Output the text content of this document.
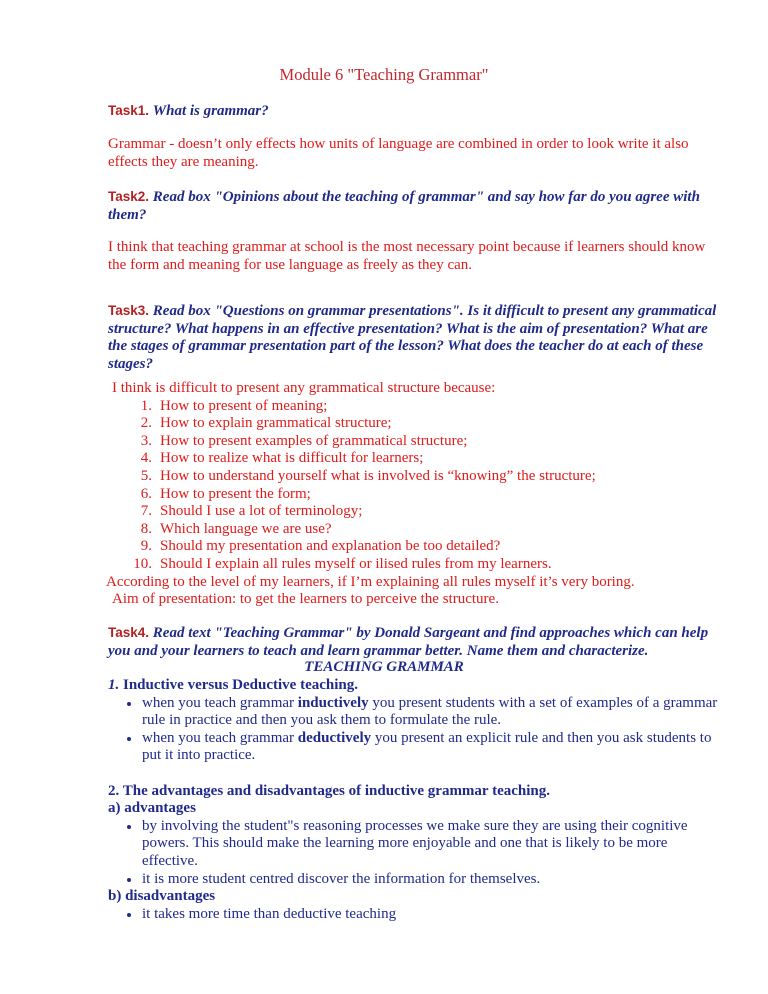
Module 6 "Teaching Grammar"
Task1. What is grammar?
Grammar - doesn’t only effects how units of language are combined in order to look write it also effects they are meaning.
Task2. Read box "Opinions about the teaching of grammar" and say how far do you agree with them?
I think that teaching grammar at school is the most necessary point because if learners should know the form and meaning for use language as freely as they can.
Task3. Read box "Questions on grammar presentations". Is it difficult to present any grammatical structure? What happens in an effective presentation? What is the aim of presentation? What are the stages of grammar presentation part of the lesson? What does the teacher do at each of these stages?
I think is difficult to present any grammatical structure because:
1. How to present of meaning;
2. How to explain grammatical structure;
3. How to present examples of grammatical structure;
4. How to realize what is difficult for learners;
5. How to understand yourself what is involved is “knowing” the structure;
6. How to present the form;
7. Should I use a lot of terminology;
8. Which language we are use?
9. Should my presentation and explanation be too detailed?
10. Should I explain all rules myself or ilised rules from my learners.
According to the level of my learners, if I’m explaining all rules myself it’s very boring.
Aim of presentation: to get the learners to perceive the structure.
Task4. Read text "Teaching Grammar" by Donald Sargeant and find approaches which can help you and your learners to teach and learn grammar better. Name them and characterize.
TEACHING GRAMMAR
1. Inductive versus Deductive teaching.
when you teach grammar inductively you present students with a set of examples of a grammar rule in practice and then you ask them to formulate the rule.
when you teach grammar deductively you present an explicit rule and then you ask students to put it into practice.
2. The advantages and disadvantages of inductive grammar teaching.
a) advantages
by involving the student"s reasoning processes we make sure they are using their cognitive powers. This should make the learning more enjoyable and one that is likely to be more effective.
it is more student centred discover the information for themselves.
b) disadvantages
it takes more time than deductive teaching
